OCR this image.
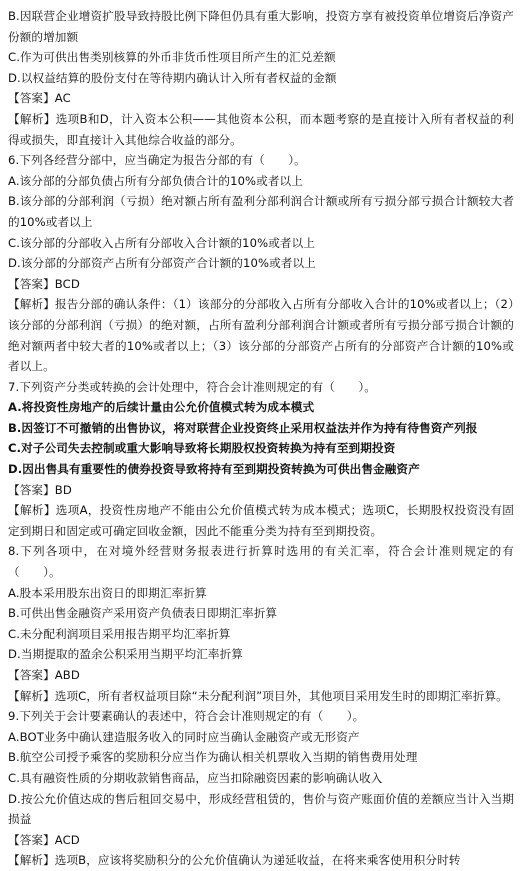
B.因联营企业增资扩股导致持股比例下降但仍具有重大影响，投资方享有被投资单位增资后净资产份额的增加额
C.作为可供出售类别核算的外币非货币性项目所产生的汇兑差额
D.以权益结算的股份支付在等待期内确认计入所有者权益的金额
【答案】AC
【解析】选项B和D，计入资本公积——其他资本公积，而本题考察的是直接计入所有者权益的利得或损失，即直接计入其他综合收益的部分。
6.下列各经营分部中，应当确定为报告分部的有（　　）。
A.该分部的分部负债占所有分部负债合计的10%或者以上
B.该分部的分部利润（亏损）绝对额占所有盈利分部利润合计额或所有亏损分部亏损合计额较大者的10%或者以上
C.该分部的分部收入占所有分部收入合计额的10%或者以上
D.该分部的分部资产占所有分部资产合计额的10%或者以上
【答案】BCD
【解析】报告分部的确认条件：（1）该部分的分部收入占所有分部收入合计的10%或者以上；（2）该分部的分部利润（亏损）的绝对额，占所有盈利分部利润合计额或者所有亏损分部亏损合计额的绝对额两者中较大者的10%或者以上；（3）该分部的分部资产占所有的分部资产合计额的10%或者以上。
7.下列资产分类或转换的会计处理中，符合会计准则规定的有（　　）。
A.将投资性房地产的后续计量由公允价值模式转为成本模式
B.因签订不可撤销的出售协议，将对联营企业投资终止采用权益法并作为持有待售资产列报
C.对子公司失去控制或重大影响导致将长期股权投资转换为持有至到期投资
D.因出售具有重要性的债券投资导致将持有至到期投资转换为可供出售金融资产
【答案】BD
【解析】选项A，投资性房地产不能由公允价值模式转为成本模式；选项C，长期股权投资没有固定到期日和固定或可确定回收金额，因此不能重分类为持有至到期投资。
8.下列各项中，在对境外经营财务报表进行折算时选用的有关汇率，符合会计准则规定的有（　　）。
A.股本采用股东出资日的即期汇率折算
B.可供出售金融资产采用资产负债表日即期汇率折算
C.未分配利润项目采用报告期平均汇率折算
D.当期提取的盈余公积采用当期平均汇率折算
【答案】ABD
【解析】选项C，所有者权益项目除“未分配利润”项目外，其他项目采用发生时的即期汇率折算。
9.下列关于会计要素确认的表述中，符合会计准则规定的有（　　）。
A.BOT业务中确认建造服务收入的同时应当确认金融资产或无形资产
B.航空公司授予乘客的奖励积分应当作为确认相关机票收入当期的销售费用处理
C.具有融资性质的分期收款销售商品，应当扣除融资因素的影响确认收入
D.按公允价值达成的售后租回交易中，形成经营租赁的，售价与资产账面价值的差额应当计入当期损益
【答案】ACD
【解析】选项B，应该将奖励积分的公允价值确认为递延收益，在将来乘客使用积分时转
